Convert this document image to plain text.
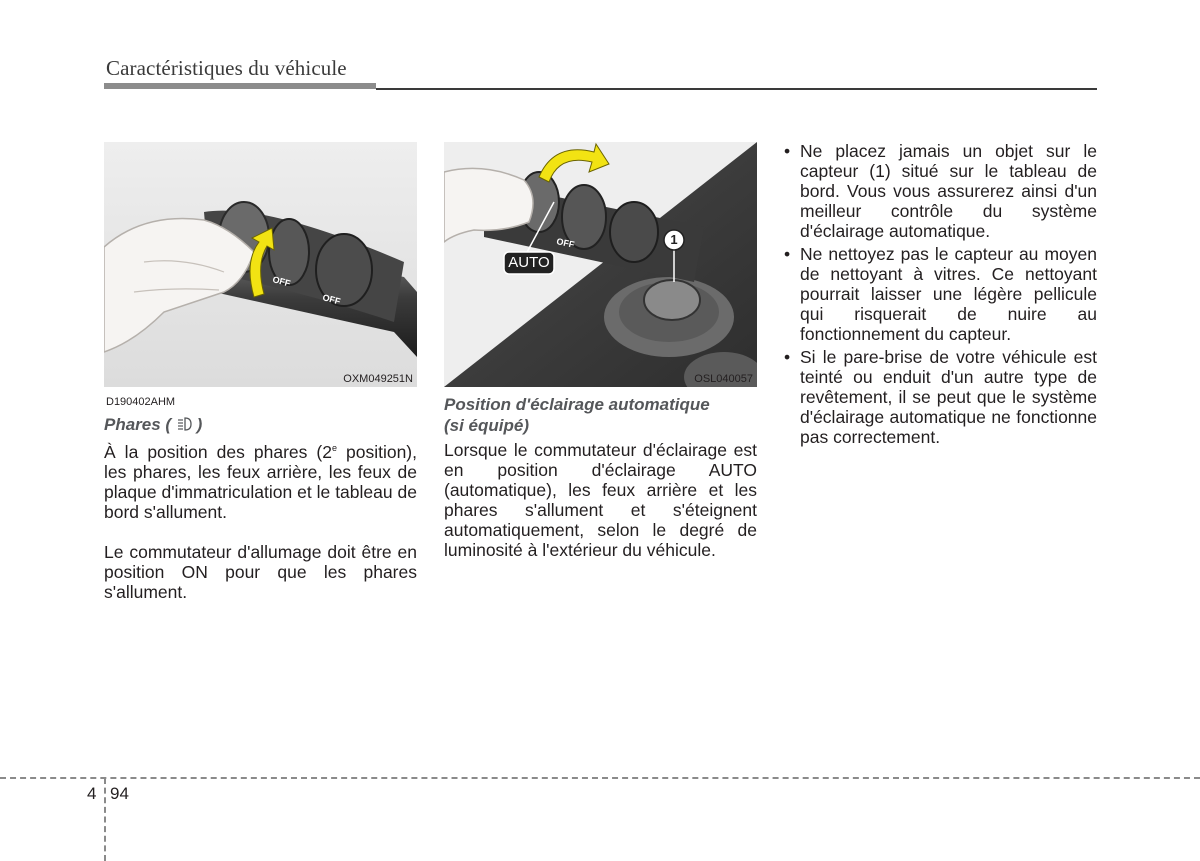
Caractéristiques du véhicule
OFF
OFF
OXM049251N
OFF
AUTO
1
OSL040057
D190402AHM

Phares ( )

À la position des phares (2e position), les phares, les feux arrière, les feux de plaque d'immatriculation et le tableau de bord s'allument.

Le commutateur d'allumage doit être en position ON pour que les phares s'allument.

Position d'éclairage automatique
(si équipé)

Lorsque le commutateur d'éclairage est en position d'éclairage AUTO (automatique), les feux arrière et les phares s'allument et s'éteignent automatiquement, selon le degré de luminosité à l'extérieur du véhicule.

• Ne placez jamais un objet sur le capteur (1) situé sur le tableau de bord. Vous vous assurerez ainsi d'un meilleur contrôle du système d'éclairage automatique.
• Ne nettoyez pas le capteur au moyen de nettoyant à vitres. Ce nettoyant pourrait laisser une légère pellicule qui risquerait de nuire au fonctionnement du capteur.
• Si le pare-brise de votre véhicule est teinté ou enduit d'un autre type de revêtement, il se peut que le système d'éclairage automatique ne fonctionne pas correctement.
4 94
